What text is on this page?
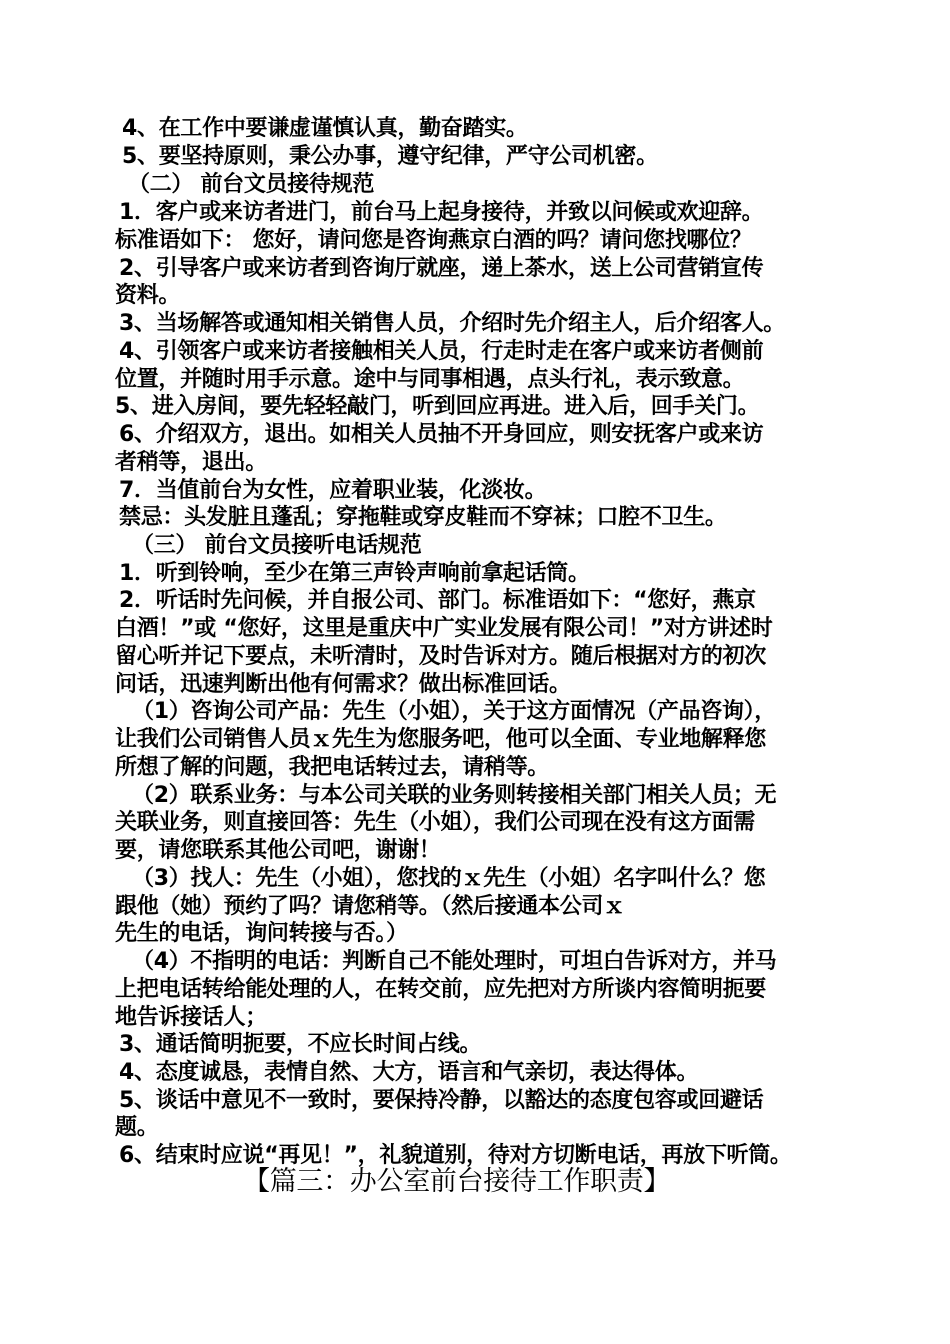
4、在工作中要谦虚谨慎认真，勤奋踏实。
5、要坚持原则，秉公办事，遵守纪律，严守公司机密。
（二） 前台文员接待规范
1．客户或来访者进门，前台马上起身接待，并致以问候或欢迎辞。
标准语如下： 您好，请问您是咨询燕京白酒的吗？请问您找哪位？
2、引导客户或来访者到咨询厅就座，递上茶水，送上公司营销宣传
资料。
3、当场解答或通知相关销售人员，介绍时先介绍主人，后介绍客人。
4、引领客户或来访者接触相关人员，行走时走在客户或来访者侧前
位置，并随时用手示意。途中与同事相遇，点头行礼，表示致意。
5、进入房间，要先轻轻敲门，听到回应再进。进入后，回手关门。
6、介绍双方，退出。如相关人员抽不开身回应，则安抚客户或来访
者稍等，退出。
7．当值前台为女性，应着职业装，化淡妆。
禁忌：头发脏且蓬乱；穿拖鞋或穿皮鞋而不穿袜；口腔不卫生。
（三） 前台文员接听电话规范
1．听到铃响，至少在第三声铃声响前拿起话筒。
2．听话时先问候，并自报公司、部门。标准语如下：“您好，燕京
白酒！”或 “您好，这里是重庆中广实业发展有限公司！”对方讲述时
留心听并记下要点，未听清时，及时告诉对方。随后根据对方的初次
问话，迅速判断出他有何需求？做出标准回话。
（1）咨询公司产品：先生（小姐），关于这方面情况（产品咨询），
让我们公司销售人员ｘ先生为您服务吧，他可以全面、专业地解释您
所想了解的问题，我把电话转过去，请稍等。
（2）联系业务：与本公司关联的业务则转接相关部门相关人员；无
关联业务，则直接回答：先生（小姐），我们公司现在没有这方面需
要，请您联系其他公司吧，谢谢！
（3）找人：先生（小姐），您找的ｘ先生（小姐）名字叫什么？您
跟他（她）预约了吗？请您稍等。（然后接通本公司ｘ
先生的电话，询问转接与否。）
（4）不指明的电话：判断自己不能处理时，可坦白告诉对方，并马
上把电话转给能处理的人，在转交前，应先把对方所谈内容简明扼要
地告诉接话人；
3、通话简明扼要，不应长时间占线。
4、态度诚恳，表情自然、大方，语言和气亲切，表达得体。
5、谈话中意见不一致时，要保持冷静，以豁达的态度包容或回避话
题。
6、结束时应说“再见！”，礼貌道别，待对方切断电话，再放下听筒。
【篇三：办公室前台接待工作职责】
